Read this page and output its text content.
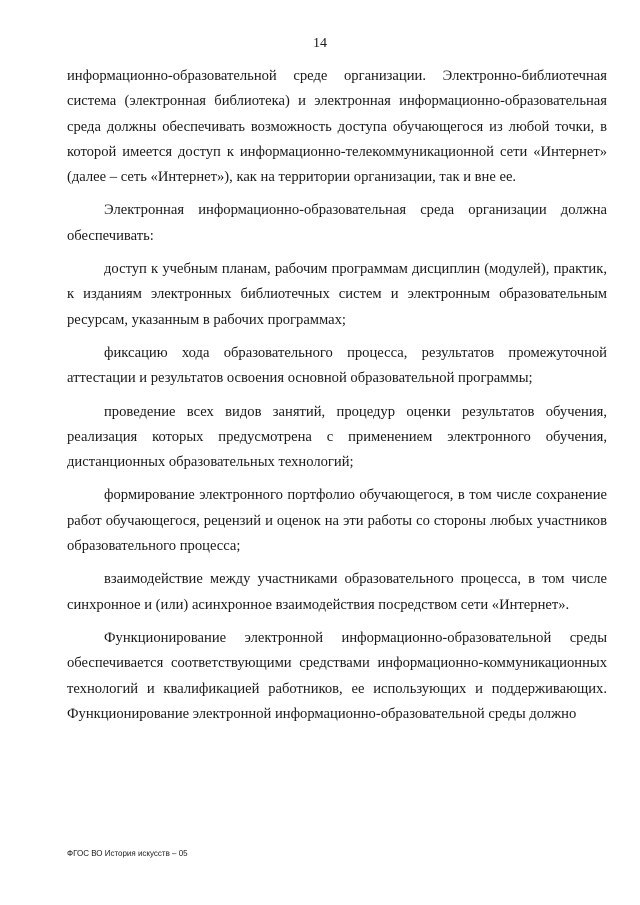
14

информационно-образовательной среде организации. Электронно-библиотечная система (электронная библиотека) и электронная информационно-образовательная среда должны обеспечивать возможность доступа обучающегося из любой точки, в которой имеется доступ к информационно-телекоммуникационной сети «Интернет» (далее – сеть «Интернет»), как на территории организации, так и вне ее.

Электронная информационно-образовательная среда организации должна обеспечивать:

доступ к учебным планам, рабочим программам дисциплин (модулей), практик, к изданиям электронных библиотечных систем и электронным образовательным ресурсам, указанным в рабочих программах;

фиксацию хода образовательного процесса, результатов промежуточной аттестации и результатов освоения основной образовательной программы;

проведение всех видов занятий, процедур оценки результатов обучения, реализация которых предусмотрена с применением электронного обучения, дистанционных образовательных технологий;

формирование электронного портфолио обучающегося, в том числе сохранение работ обучающегося, рецензий и оценок на эти работы со стороны любых участников образовательного процесса;

взаимодействие между участниками образовательного процесса, в том числе синхронное и (или) асинхронное взаимодействия посредством сети «Интернет».

Функционирование электронной информационно-образовательной среды обеспечивается соответствующими средствами информационно-коммуникационных технологий и квалификацией работников, ее использующих и поддерживающих. Функционирование электронной информационно-образовательной среды должно

ФГОС ВО История искусств – 05
